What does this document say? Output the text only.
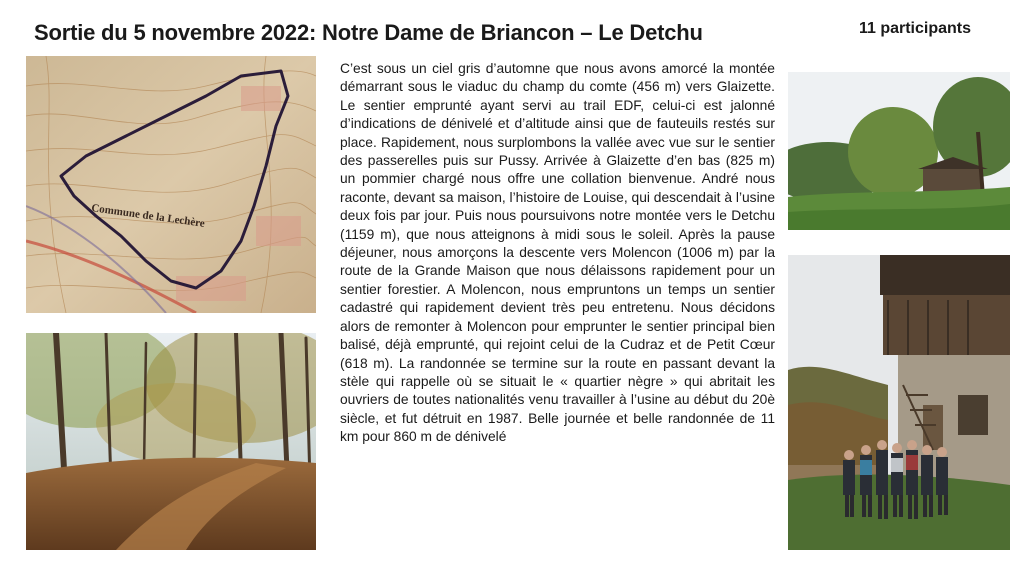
Sortie du 5 novembre 2022: Notre Dame de Briancon – Le Detchu	11 participants
Commune de la Lechère
C’est sous un ciel gris d’automne que nous avons amorcé la montée démarrant sous le viaduc du champ du comte (456 m) vers Glaizette. Le sentier emprunté ayant servi au trail EDF, celui-ci est jalonné d’indications de dénivelé et d’altitude ainsi que de fauteuils restés sur place. Rapidement, nous surplombons la vallée avec vue sur le sentier des passerelles puis sur Pussy. Arrivée à Glaizette d’en bas (825 m) un pommier chargé nous offre une collation bienvenue. André nous raconte, devant sa maison, l’histoire de Louise, qui descendait à l’usine deux fois par jour. Puis nous poursuivons notre montée vers le Detchu (1159 m), que nous atteignons à midi sous le soleil. Après la pause déjeuner, nous amorçons la descente vers Molencon (1006 m) par la route de la Grande Maison que nous délaissons rapidement pour un sentier forestier. A Molencon, nous empruntons un temps un sentier cadastré qui rapidement devient très peu entretenu. Nous décidons alors de remonter à Molencon pour emprunter le sentier principal bien balisé, déjà emprunté, qui rejoint celui de la Cudraz et de Petit Cœur (618 m). La randonnée se termine sur la route en passant devant la stèle qui rappelle où se situait le « quartier nègre » qui abritait les ouvriers de toutes nationalités venu travailler à l’usine au début du 20è siècle, et fut détruit en 1987. Belle journée et belle randonnée de 11 km pour 860 m de dénivelé
